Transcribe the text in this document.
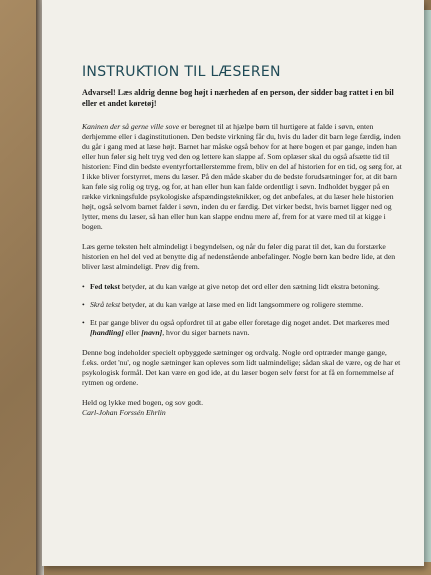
INSTRUKTION TIL LÆSEREN

Advarsel! Læs aldrig denne bog højt i nærheden af en person, der sidder bag rattet i en bil eller et andet køretøj!

Kaninen der så gerne ville sove er beregnet til at hjælpe børn til hurtigere at falde i søvn, enten derhjemme eller i daginstitutionen. Den bedste virkning får du, hvis du lader dit barn lege færdig, inden du går i gang med at læse højt. Barnet har måske også behov for at høre bogen et par gange, inden han eller hun føler sig helt tryg ved den og lettere kan slappe af. Som oplæser skal du også afsætte tid til historien: Find din bedste eventyrfortællerstemme frem, bliv en del af historien for en tid, og sørg for, at I ikke bliver forstyrret, mens du læser. På den måde skaber du de bedste forudsætninger for, at dit barn kan føle sig rolig og tryg, og for, at han eller hun kan falde ordentligt i søvn. Indholdet bygger på en række virkningsfulde psykologiske afspændingsteknikker, og det anbefales, at du læser hele historien højt, også selvom barnet falder i søvn, inden du er færdig. Det virker bedst, hvis barnet ligger ned og lytter, mens du læser, så han eller hun kan slappe endnu mere af, frem for at være med til at kigge i bogen.

Læs gerne teksten helt almindeligt i begyndelsen, og når du føler dig parat til det, kan du forstærke historien en hel del ved at benytte dig af nedenstående anbefalinger. Nogle børn kan bedre lide, at den bliver læst almindeligt. Prøv dig frem.

• Fed tekst betyder, at du kan vælge at give netop det ord eller den sætning lidt ekstra betoning.
• Skrå tekst betyder, at du kan vælge at læse med en lidt langsommere og roligere stemme.
• Et par gange bliver du også opfordret til at gabe eller foretage dig noget andet. Det markeres med [handling] eller [navn], hvor du siger barnets navn.

Denne bog indeholder specielt opbyggede sætninger og ordvalg. Nogle ord optræder mange gange, f.eks. ordet 'nu', og nogle sætninger kan opleves som lidt ualmindelige; sådan skal de være, og de har et psykologisk formål. Det kan være en god ide, at du læser bogen selv først for at få en fornemmelse af rytmen og ordene.

Held og lykke med bogen, og sov godt.

Carl-Johan Forssén Ehrlin
